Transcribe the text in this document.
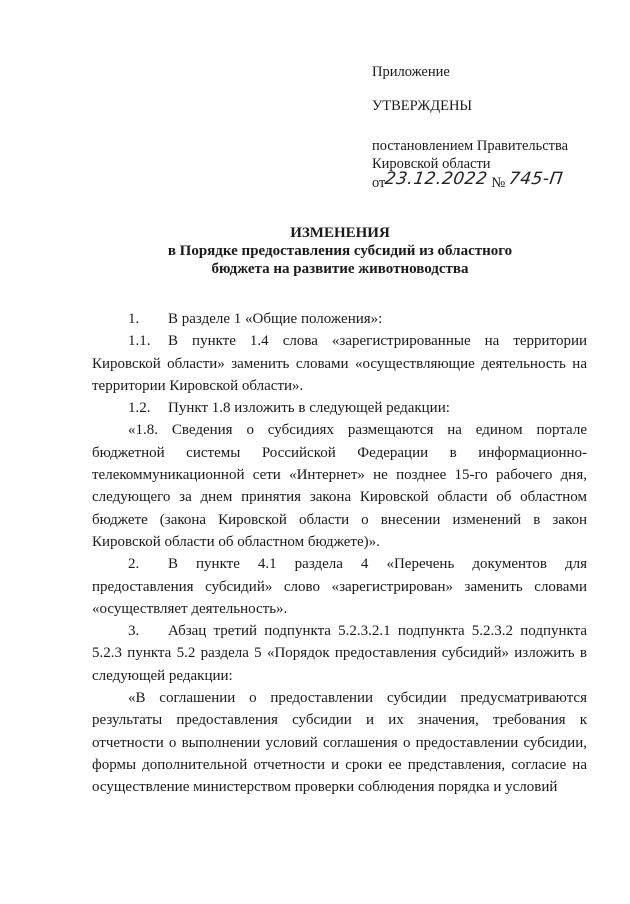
Приложение
УТВЕРЖДЕНЫ
постановлением Правительства
Кировской области
от23.12.2022 № 745-П
ИЗМЕНЕНИЯ
в Порядке предоставления субсидий из областного
бюджета на развитие животноводства

1. В разделе 1 «Общие положения»:

1.1. В пункте 1.4 слова «зарегистрированные на территории Кировской области» заменить словами «осуществляющие деятельность на территории Кировской области».

1.2. Пункт 1.8 изложить в следующей редакции:

«1.8. Сведения о субсидиях размещаются на едином портале бюджетной системы Российской Федерации в информационно-телекоммуникационной сети «Интернет» не позднее 15-го рабочего дня, следующего за днем принятия закона Кировской области об областном бюджете (закона Кировской области о внесении изменений в закон Кировской области об областном бюджете)».

2. В пункте 4.1 раздела 4 «Перечень документов для предоставления субсидий» слово «зарегистрирован» заменить словами «осуществляет деятельность».

3. Абзац третий подпункта 5.2.3.2.1 подпункта 5.2.3.2 подпункта 5.2.3 пункта 5.2 раздела 5 «Порядок предоставления субсидий» изложить в следующей редакции:

«В соглашении о предоставлении субсидии предусматриваются результаты предоставления субсидии и их значения, требования к отчетности о выполнении условий соглашения о предоставлении субсидии, формы дополнительной отчетности и сроки ее представления, согласие на осуществление министерством проверки соблюдения порядка и условий
